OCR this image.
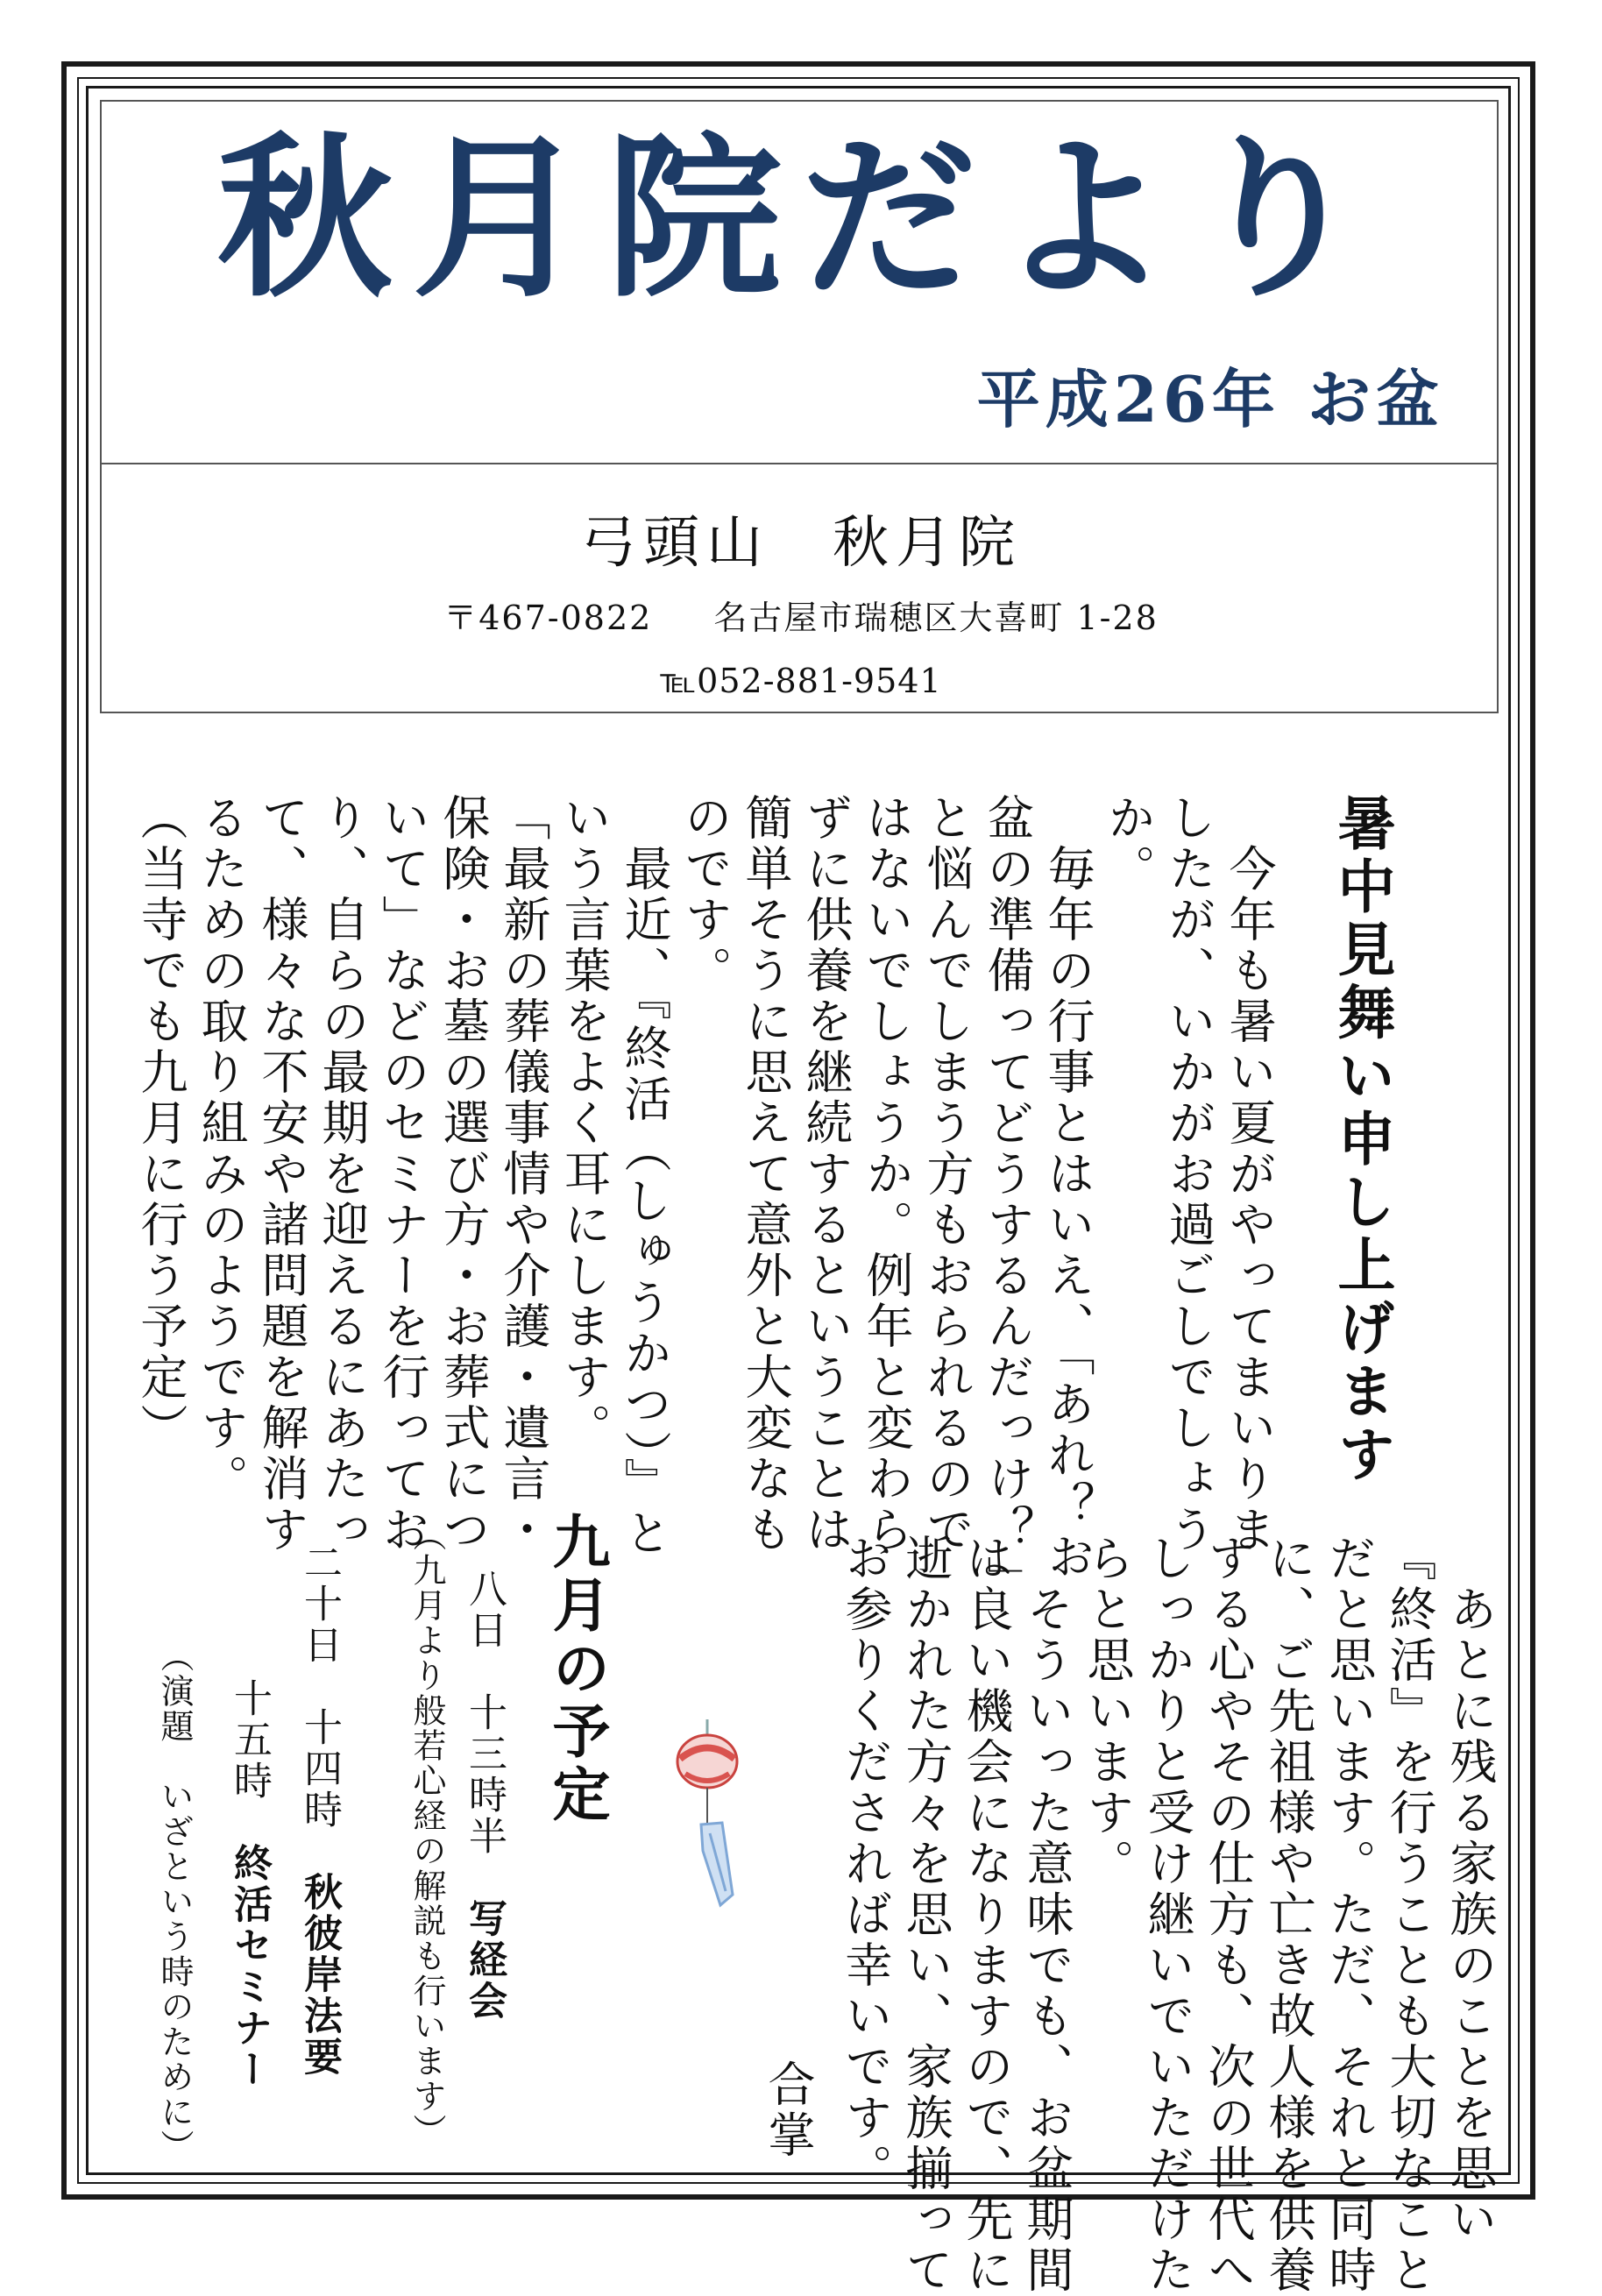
秋月院だより
平成26年 お盆
弓頭山　秋月院
〒467-0822 名古屋市瑞穂区大喜町 1-28
℡052-881-9541
暑中見舞い申し上げます
　今年も暑い夏がやってまいりま
したが、いかがお過ごしでしょう
か。
　毎年の行事とはいえ、「あれ？お
盆の準備ってどうするんだっけ？」
と悩んでしまう方もおられるので
はないでしょうか。例年と変わら
ずに供養を継続するということは
簡単そうに思えて意外と大変なも
のです。
　最近、『終活（しゅうかつ）』と
いう言葉をよく耳にします。
「最新の葬儀事情や介護・遺言・
保険・お墓の選び方・お葬式につ
いて」などのセミナーを行ってお
り、自らの最期を迎えるにあたっ
て、様々な不安や諸問題を解消す
るための取り組みのようです。
（当寺でも九月に行う予定）
　あとに残る家族のことを思い
『終活』を行うことも大切なこと
だと思います。ただ、それと同時
に、ご先祖様や亡き故人様を供養
する心やその仕方も、次の世代へ
しっかりと受け継いでいただけた
らと思います。
　そういった意味でも、お盆期間
は良い機会になりますので、先に
逝かれた方々を思い、家族揃って
お参りくだされば幸いです。
合掌
九月の予定
八日　十三時半　写経会
（九月より般若心経の解説も行います）
二十日　十四時　秋彼岸法要
十五時　終活セミナー
（演題　いざという時のために）
